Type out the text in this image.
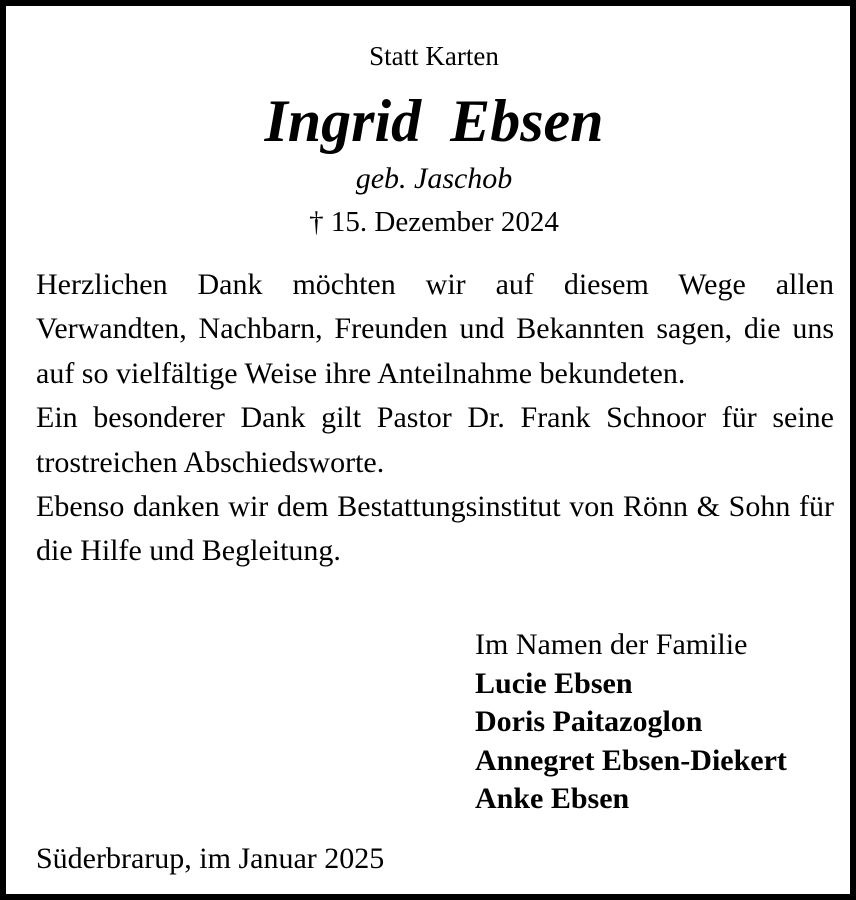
Statt Karten
Ingrid Ebsen
geb. Jaschob
† 15. Dezember 2024

Herzlichen Dank möchten wir auf diesem Wege allen Verwandten, Nachbarn, Freunden und Bekannten sagen, die uns auf so vielfältige Weise ihre Anteilnahme bekundeten.

Ein besonderer Dank gilt Pastor Dr. Frank Schnoor für seine trostreichen Abschiedsworte.

Ebenso danken wir dem Bestattungsinstitut von Rönn & Sohn für die Hilfe und Begleitung.

Im Namen der Familie
Lucie Ebsen
Doris Paitazoglon
Annegret Ebsen-Diekert
Anke Ebsen
Süderbrarup, im Januar 2025
